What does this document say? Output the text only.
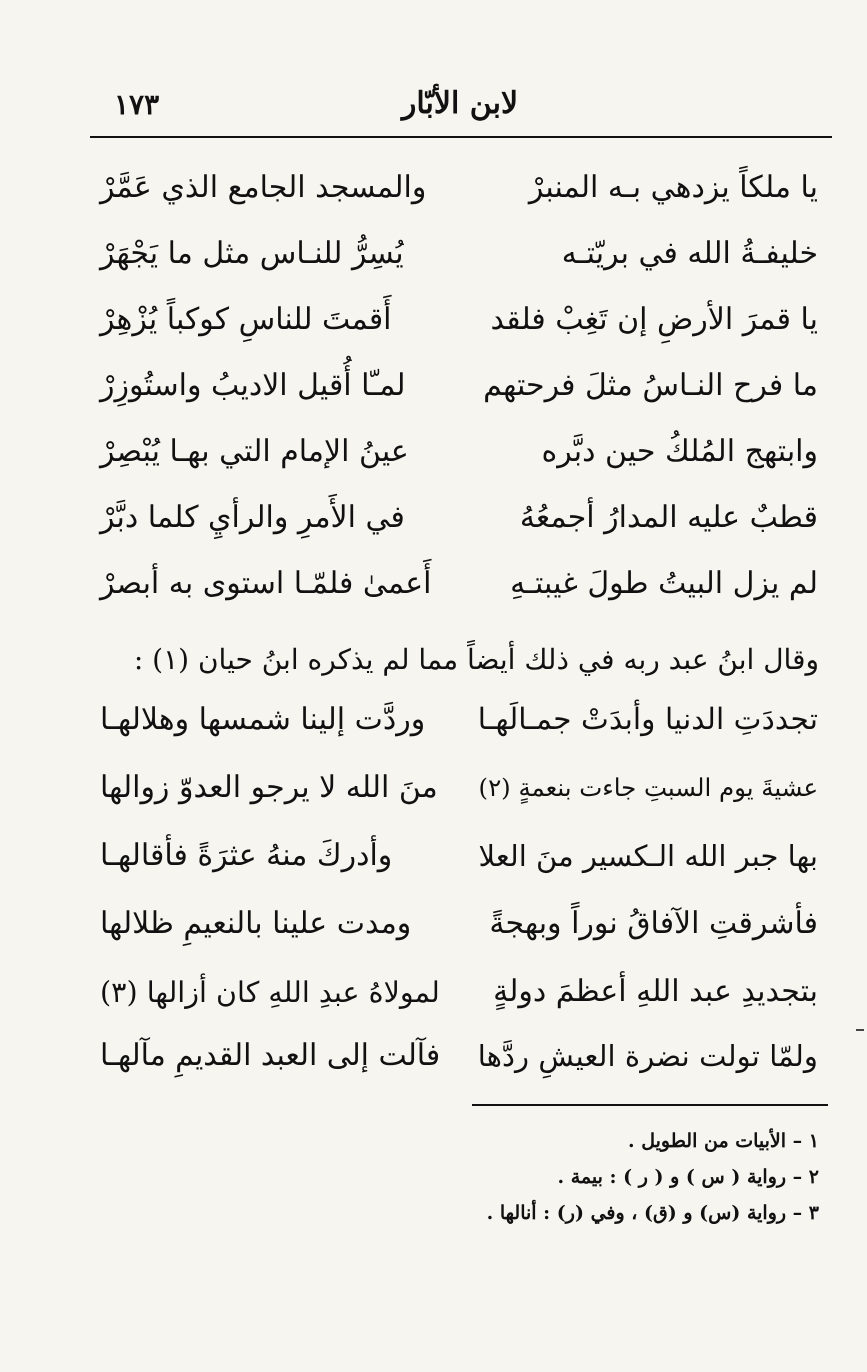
١٧٣	لابن الأبّار
يا ملكاً يزدهي بـه المنبرْ
والمسجد الجامع الذي عَمَّرْ
خليفـةُ الله في بريّتـه
يُسِرُّ للنـاس مثل ما يَجْهَرْ
يا قمرَ الأرضِ إن تَغِبْ فلقد
أَقمتَ للناسِ كوكباً يُزْهِرْ
ما فرح النـاسُ مثلَ فرحتهم
لمـّا أُقيل الاديبُ واستُوزِرْ
وابتهج المُلكُ حين دبَّره
عينُ الإمام التي بهـا يُبْصِرْ
قطبٌ عليه المدارُ أجمعُهُ
في الأَمرِ والرأيِ كلما دبَّرْ
لم يزل البيتُ طولَ غيبتـهِ
أَعمىٰ فلمّـا استوى به أبصرْ
وقال ابنُ عبد ربه في ذلك أيضاً مما لم يذكره ابنُ حيان (١) :
تجددَتِ الدنيا وأبدَتْ جمـالَهـا
وردَّت إلينا شمسها وهلالهـا
عشيةَ يوم السبتِ جاءت بنعمةٍ (٢)
منَ الله لا يرجو العدوّ زوالها
بها جبر الله الـكسير منَ العلا
وأدركَ منهُ عثرَةً فأقالهـا
فأشرقتِ الآفاقُ نوراً وبهجةً
ومدت علينا بالنعيمِ ظلالها
بتجديدِ عبد اللهِ أعظمَ دولةٍ
لمولاهُ عبدِ اللهِ كان أزالها (٣)
ولمّا تولت نضرة العيشِ ردَّها
فآلت إلى العبد القديمِ مآلهـا
١ – الأبيات من الطويل .
٢ – رواية ( س ) و ( ر ) : بيمة .
٣ – رواية (س) و (ق) ، وفي (ر) : أنالها .
